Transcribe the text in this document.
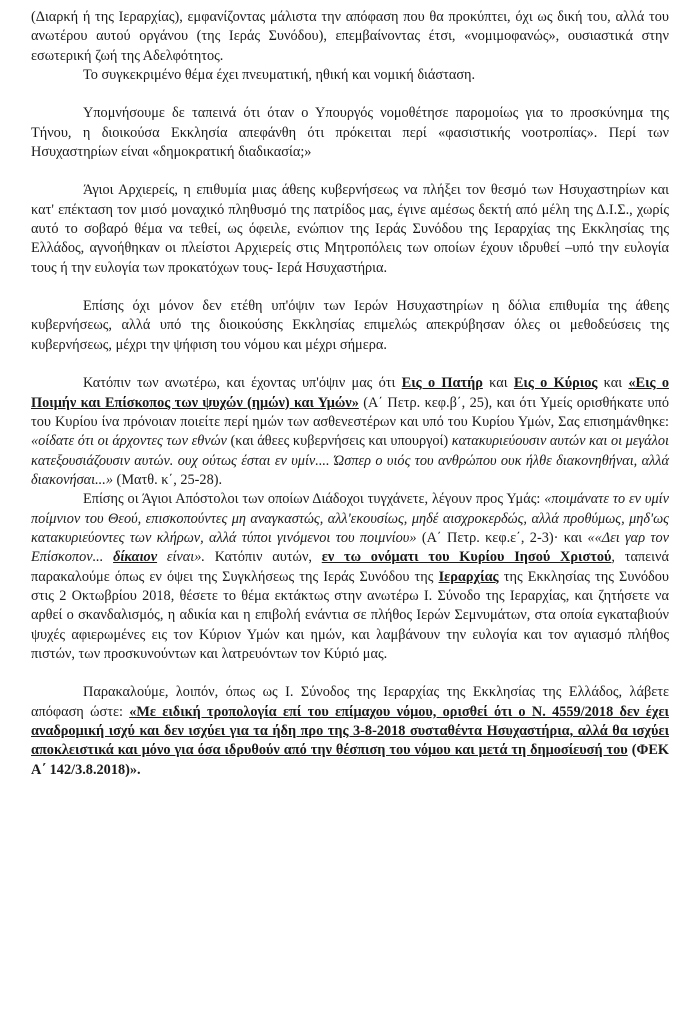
(Διαρκή ή της Ιεραρχίας), εμφανίζοντας μάλιστα την απόφαση που θα προκύπτει, όχι ως δική του, αλλά του ανωτέρου αυτού οργάνου (της Ιεράς Συνόδου), επεμβαίνοντας έτσι, «νομιμοφανώς», ουσιαστικά στην εσωτερική ζωή της Αδελφότητος.

Το συγκεκριμένο θέμα έχει πνευματική, ηθική και νομική διάσταση.

Υπομνήσουμε δε ταπεινά ότι όταν ο Υπουργός νομοθέτησε παρομοίως για το προσκύνημα της Τήνου, η διοικούσα Εκκλησία απεφάνθη ότι πρόκειται περί «φασιστικής νοοτροπίας». Περί των Ησυχαστηρίων είναι «δημοκρατική διαδικασία;»

Άγιοι Αρχιερείς, η επιθυμία μιας άθεης κυβερνήσεως να πλήξει τον θεσμό των Ησυχαστηρίων και κατ' επέκταση τον μισό μοναχικό πληθυσμό της πατρίδος μας, έγινε αμέσως δεκτή από μέλη της Δ.Ι.Σ., χωρίς αυτό το σοβαρό θέμα να τεθεί, ως όφειλε, ενώπιον της Ιεράς Συνόδου της Ιεραρχίας της Εκκλησίας της Ελλάδος, αγνοήθηκαν οι πλείστοι Αρχιερείς στις Μητροπόλεις των οποίων έχουν ιδρυθεί –υπό την ευλογία τους ή την ευλογία των προκατόχων τους- Ιερά Ησυχαστήρια.

Επίσης όχι μόνον δεν ετέθη υπ'όψιν των Ιερών Ησυχαστηρίων η δόλια επιθυμία της άθεης κυβερνήσεως, αλλά υπό της διοικούσης Εκκλησίας επιμελώς απεκρύβησαν όλες οι μεθοδεύσεις της κυβερνήσεως, μέχρι την ψήφιση του νόμου και μέχρι σήμερα.

Κατόπιν των ανωτέρω, και έχοντας υπ'όψιν μας ότι Εις ο Πατήρ και Εις ο Κύριος και «Εις ο Ποιμήν και Επίσκοπος των ψυχών (ημών) και Υμών» (Α΄ Πετρ. κεφ.β΄, 25), και ότι Υμείς ορισθήκατε υπό του Κυρίου ίνα πρόνοιαν ποιείτε περί ημών των ασθενεστέρων και υπό του Κυρίου Υμών, Σας επισημάνθηκε: «οίδατε ότι οι άρχοντες των εθνών (και άθεες κυβερνήσεις και υπουργοί) κατακυριεύουσιν αυτών και οι μεγάλοι κατεξουσιάζουσιν αυτών. ουχ ούτως έσται εν υμίν.... Ώσπερ ο υιός του ανθρώπου ουκ ήλθε διακονηθήναι, αλλά διακονήσαι...» (Ματθ. κ΄, 25-28).

Επίσης οι Άγιοι Απόστολοι των οποίων Διάδοχοι τυγχάνετε, λέγουν προς Υμάς: «ποιμάνατε το εν υμίν ποίμνιον του Θεού, επισκοπούντες μη αναγκαστώς, αλλ'εκουσίως, μηδέ αισχροκερδώς, αλλά προθύμως, μηδ'ως κατακυριεύοντες των κλήρων, αλλά τύποι γινόμενοι του ποιμνίου» (Α΄ Πετρ. κεφ.ε΄, 2-3)· και ««Δει γαρ τον Επίσκοπον... δίκαιον είναι». Κατόπιν αυτών, εν τω ονόματι του Κυρίου Ιησού Χριστού, ταπεινά παρακαλούμε όπως εν όψει της Συγκλήσεως της Ιεράς Συνόδου της Ιεραρχίας της Εκκλησίας της Συνόδου στις 2 Οκτωβρίου 2018, θέσετε το θέμα εκτάκτως στην ανωτέρω Ι. Σύνοδο της Ιεραρχίας, και ζητήσετε να αρθεί ο σκανδαλισμός, η αδικία και η επιβολή ενάντια σε πλήθος Ιερών Σεμνυμάτων, στα οποία εγκαταβιούν ψυχές αφιερωμένες εις τον Κύριον Υμών και ημών, και λαμβάνουν την ευλογία και τον αγιασμό πλήθος πιστών, των προσκυνούντων και λατρευόντων τον Κύριό μας.

Παρακαλούμε, λοιπόν, όπως ως Ι. Σύνοδος της Ιεραρχίας της Εκκλησίας της Ελλάδος, λάβετε απόφαση ώστε: «Με ειδική τροπολογία επί του επίμαχου νόμου, ορισθεί ότι ο Ν. 4559/2018 δεν έχει αναδρομική ισχύ και δεν ισχύει για τα ήδη προ της 3-8-2018 συσταθέντα Ησυχαστήρια, αλλά θα ισχύει αποκλειστικά και μόνο για όσα ιδρυθούν από την θέσπιση του νόμου και μετά τη δημοσίευσή του (ΦΕΚ Α΄ 142/3.8.2018)».
